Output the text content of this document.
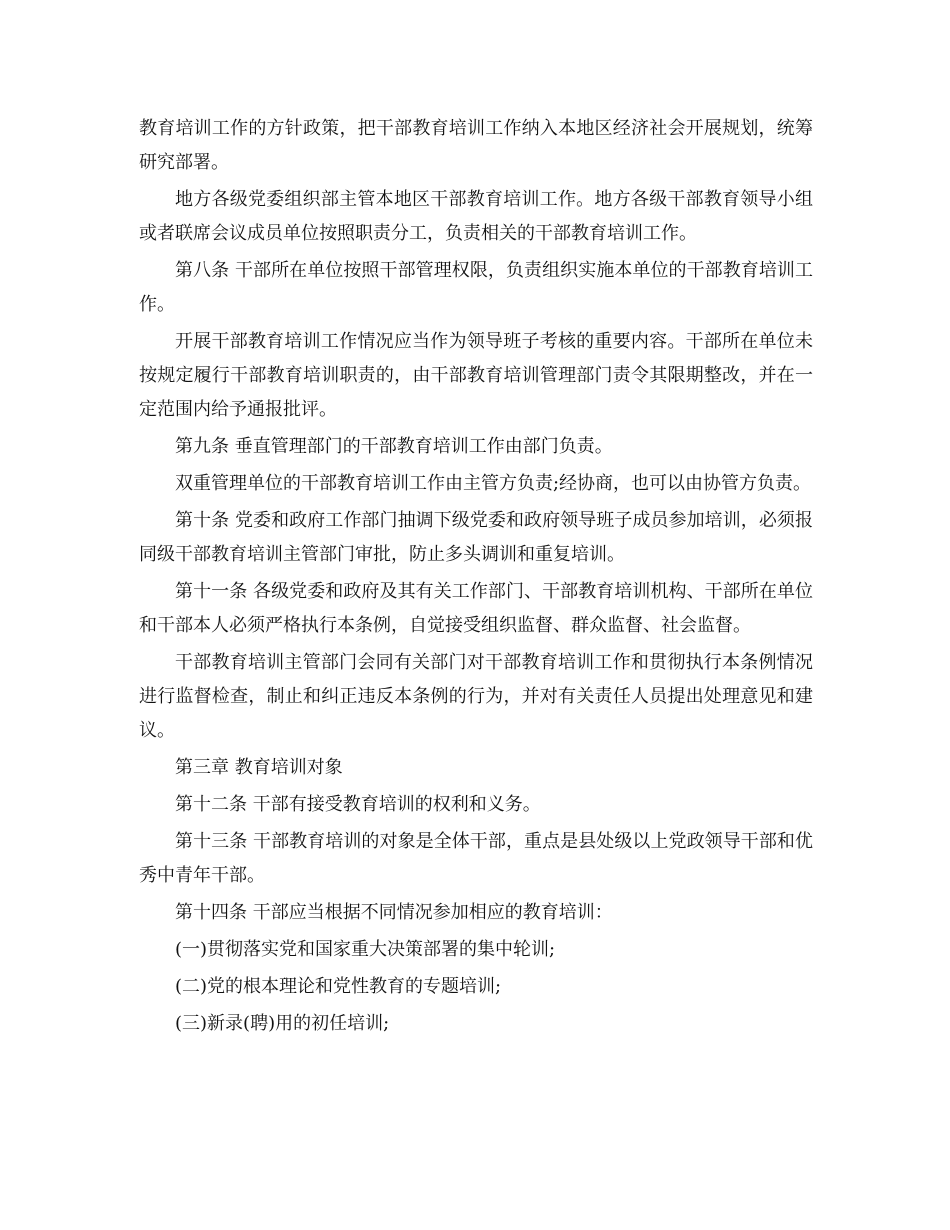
教育培训工作的方针政策，把干部教育培训工作纳入本地区经济社会开展规划，统筹研究部署。

地方各级党委组织部主管本地区干部教育培训工作。地方各级干部教育领导小组或者联席会议成员单位按照职责分工，负责相关的干部教育培训工作。

第八条 干部所在单位按照干部管理权限，负责组织实施本单位的干部教育培训工作。

开展干部教育培训工作情况应当作为领导班子考核的重要内容。干部所在单位未按规定履行干部教育培训职责的，由干部教育培训管理部门责令其限期整改，并在一定范围内给予通报批评。

第九条 垂直管理部门的干部教育培训工作由部门负责。

双重管理单位的干部教育培训工作由主管方负责;经协商，也可以由协管方负责。

第十条 党委和政府工作部门抽调下级党委和政府领导班子成员参加培训，必须报同级干部教育培训主管部门审批，防止多头调训和重复培训。

第十一条 各级党委和政府及其有关工作部门、干部教育培训机构、干部所在单位和干部本人必须严格执行本条例，自觉接受组织监督、群众监督、社会监督。

干部教育培训主管部门会同有关部门对干部教育培训工作和贯彻执行本条例情况进行监督检查，制止和纠正违反本条例的行为，并对有关责任人员提出处理意见和建议。

第三章 教育培训对象

第十二条 干部有接受教育培训的权利和义务。

第十三条 干部教育培训的对象是全体干部，重点是县处级以上党政领导干部和优秀中青年干部。

第十四条 干部应当根据不同情况参加相应的教育培训：

(一)贯彻落实党和国家重大决策部署的集中轮训;

(二)党的根本理论和党性教育的专题培训;

(三)新录(聘)用的初任培训;
